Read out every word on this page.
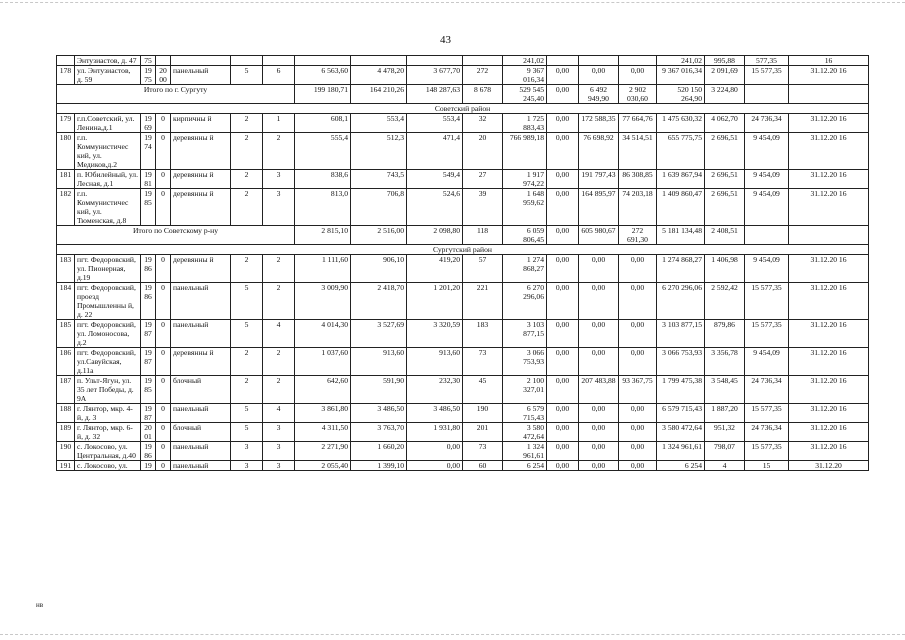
43
	Энтузиастов, д. 47	75									241,02				241,02	995,88	577,35	16
178	ул. Энтузиастов, д. 59	19 75	20 00	панельный	5	6	6 563,60	4 478,20	3 677,70	272	9 367 016,34	0,00	0,00	0,00	9 367 016,34	2 091,69	15 577,35	31.12.20 16
Итого по г. Сургуту							199 180,71	164 210,26	148 287,63	8 678	529 545 245,40	0,00	6 492 949,90	2 902 030,60	520 150 264,90	3 224,80		
Советский район																		
179	г.п.Советский, ул. Ленина,д.1	19 69	0	кирпичны й	2	1	608,1	553,4	553,4	32	1 725 883,43	0,00	172 588,35	77 664,76	1 475 630,32	4 062,70	24 736,34	31.12.20 16
180	г.п. Коммунистичес кий, ул. Медиков,д.2	19 74	0	деревянны й	2	2	555,4	512,3	471,4	20	766 989,18	0,00	76 698,92	34 514,51	655 775,75	2 696,51	9 454,09	31.12.20 16
181	п. Юбилейный, ул. Лесная, д.1	19 81	0	деревянны й	2	3	838,6	743,5	549,4	27	1 917 974,22	0,00	191 797,43	86 308,85	1 639 867,94	2 696,51	9 454,09	31.12.20 16
182	г.п. Коммунистичес кий, ул. Тюменская, д.8	19 85	0	деревянны й	2	3	813,0	706,8	524,6	39	1 648 959,62	0,00	164 895,97	74 203,18	1 409 860,47	2 696,51	9 454,09	31.12.20 16
Итого по Советскому р-ну							2 815,10	2 516,00	2 098,80	118	6 059 806,45	0,00	605 980,67	272 691,30	5 181 134,48	2 408,51		
Сургутский район																		
183	пгт. Федоровский, ул. Пионерная, д.19	19 86	0	деревянны й	2	2	1 111,60	906,10	419,20	57	1 274 868,27	0,00	0,00	0,00	1 274 868,27	1 406,98	9 454,09	31.12.20 16
184	пгт. Федоровский, проезд Промышленны й, д. 22	19 86	0	панельный	5	2	3 009,90	2 418,70	1 201,20	221	6 270 296,06	0,00	0,00	0,00	6 270 296,06	2 592,42	15 577,35	31.12.20 16
185	пгт. Федоровский, ул. Ломоносова, д.2	19 87	0	панельный	5	4	4 014,30	3 527,69	3 320,59	183	3 103 877,15	0,00	0,00	0,00	3 103 877,15	879,86	15 577,35	31.12.20 16
186	пгт. Федоровский, ул.Савуйская, д.11а	19 87	0	деревянны й	2	2	1 037,60	913,60	913,60	73	3 066 753,93	0,00	0,00	0,00	3 066 753,93	3 356,78	9 454,09	31.12.20 16
187	п. Ульт-Ягун, ул. 35 лет Победы, д. 9А	19 85	0	блочный	2	2	642,60	591,90	232,30	45	2 100 327,01	0,00	207 483,88	93 367,75	1 799 475,38	3 548,45	24 736,34	31.12.20 16
188	г. Лянтор, мкр. 4-й, д. 3	19 87	0	панельный	5	4	3 861,80	3 486,50	3 486,50	190	6 579 715,43	0,00	0,00	0,00	6 579 715,43	1 887,20	15 577,35	31.12.20 16
189	г. Лянтор, мкр. 6-й, д. 32	20 01	0	блочный	5	3	4 311,50	3 763,70	1 931,80	201	3 580 472,64	0,00	0,00	0,00	3 580 472,64	951,32	24 736,34	31.12.20 16
190	с. Локосово, ул. Центральная, д.40	19 86	0	панельный	3	3	2 271,90	1 660,20	0,00	73	1 324 961,61	0,00	0,00	0,00	1 324 961,61	798,07	15 577,35	31.12.20 16
191	с. Локосово, ул.	19	0	панельный	3	3	2 055,40	1 399,10	0,00	60	6 254	0,00	0,00	0,00	6 254	4	15	31.12.20
нв
